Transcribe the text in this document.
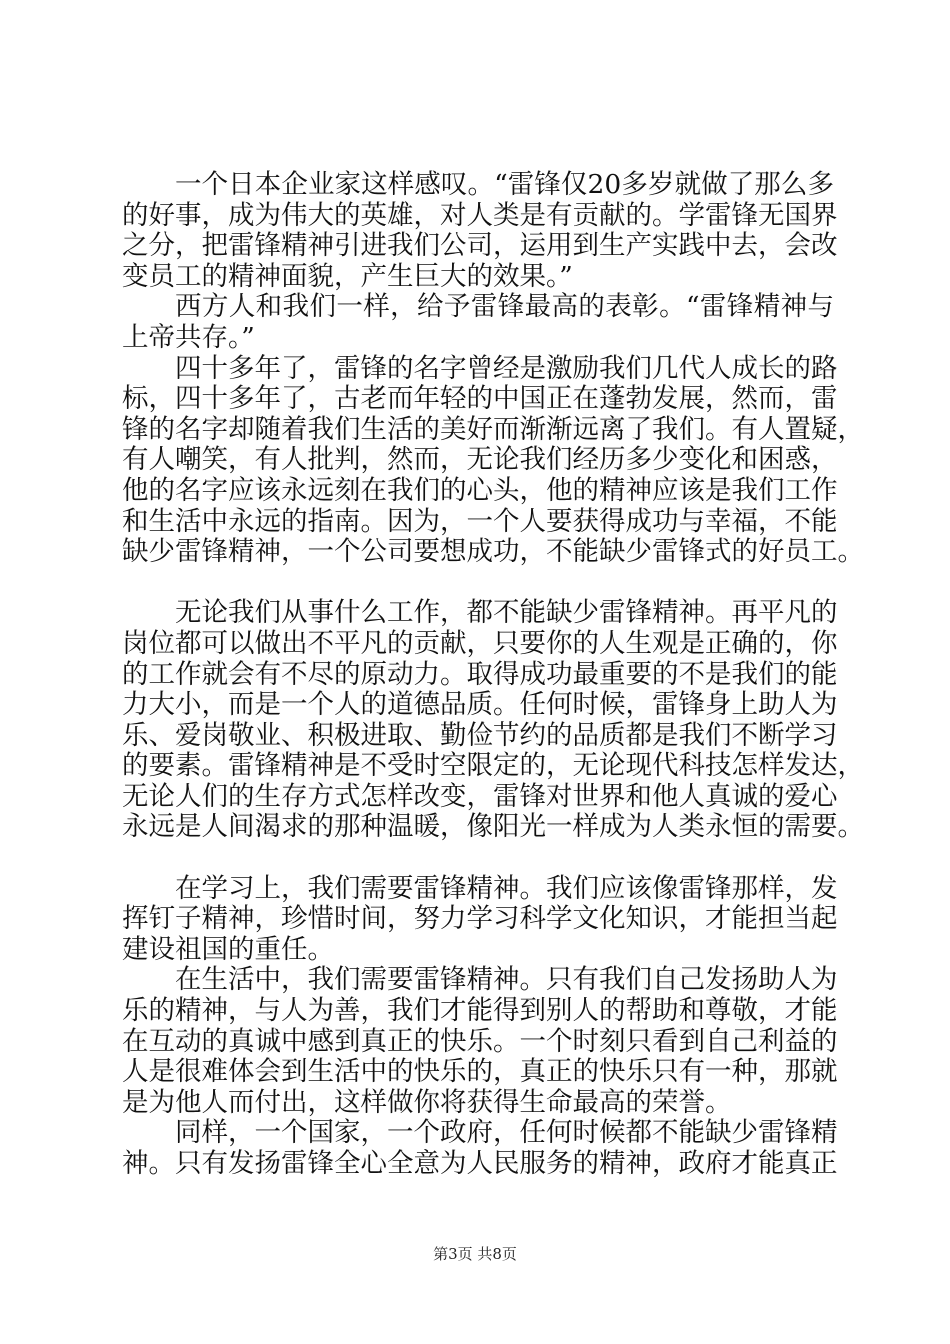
一个日本企业家这样感叹。“雷锋仅20多岁就做了那么多
的好事，成为伟大的英雄，对人类是有贡献的。学雷锋无国界
之分，把雷锋精神引进我们公司，运用到生产实践中去，会改
变员工的精神面貌，产生巨大的效果。”
西方人和我们一样，给予雷锋最高的表彰。“雷锋精神与
上帝共存。”
四十多年了，雷锋的名字曾经是激励我们几代人成长的路
标，四十多年了，古老而年轻的中国正在蓬勃发展，然而，雷
锋的名字却随着我们生活的美好而渐渐远离了我们。有人置疑，
有人嘲笑，有人批判，然而，无论我们经历多少变化和困惑，
他的名字应该永远刻在我们的心头，他的精神应该是我们工作
和生活中永远的指南。因为，一个人要获得成功与幸福，不能
缺少雷锋精神，一个公司要想成功，不能缺少雷锋式的好员工。
无论我们从事什么工作，都不能缺少雷锋精神。再平凡的
岗位都可以做出不平凡的贡献，只要你的人生观是正确的，你
的工作就会有不尽的原动力。取得成功最重要的不是我们的能
力大小，而是一个人的道德品质。任何时候，雷锋身上助人为
乐、爱岗敬业、积极进取、勤俭节约的品质都是我们不断学习
的要素。雷锋精神是不受时空限定的，无论现代科技怎样发达，
无论人们的生存方式怎样改变，雷锋对世界和他人真诚的爱心
永远是人间渴求的那种温暖，像阳光一样成为人类永恒的需要。
在学习上，我们需要雷锋精神。我们应该像雷锋那样，发
挥钉子精神，珍惜时间，努力学习科学文化知识，才能担当起
建设祖国的重任。
在生活中，我们需要雷锋精神。只有我们自己发扬助人为
乐的精神，与人为善，我们才能得到别人的帮助和尊敬，才能
在互动的真诚中感到真正的快乐。一个时刻只看到自己利益的
人是很难体会到生活中的快乐的，真正的快乐只有一种，那就
是为他人而付出，这样做你将获得生命最高的荣誉。
同样，一个国家，一个政府，任何时候都不能缺少雷锋精
神。只有发扬雷锋全心全意为人民服务的精神，政府才能真正
第3页 共8页
